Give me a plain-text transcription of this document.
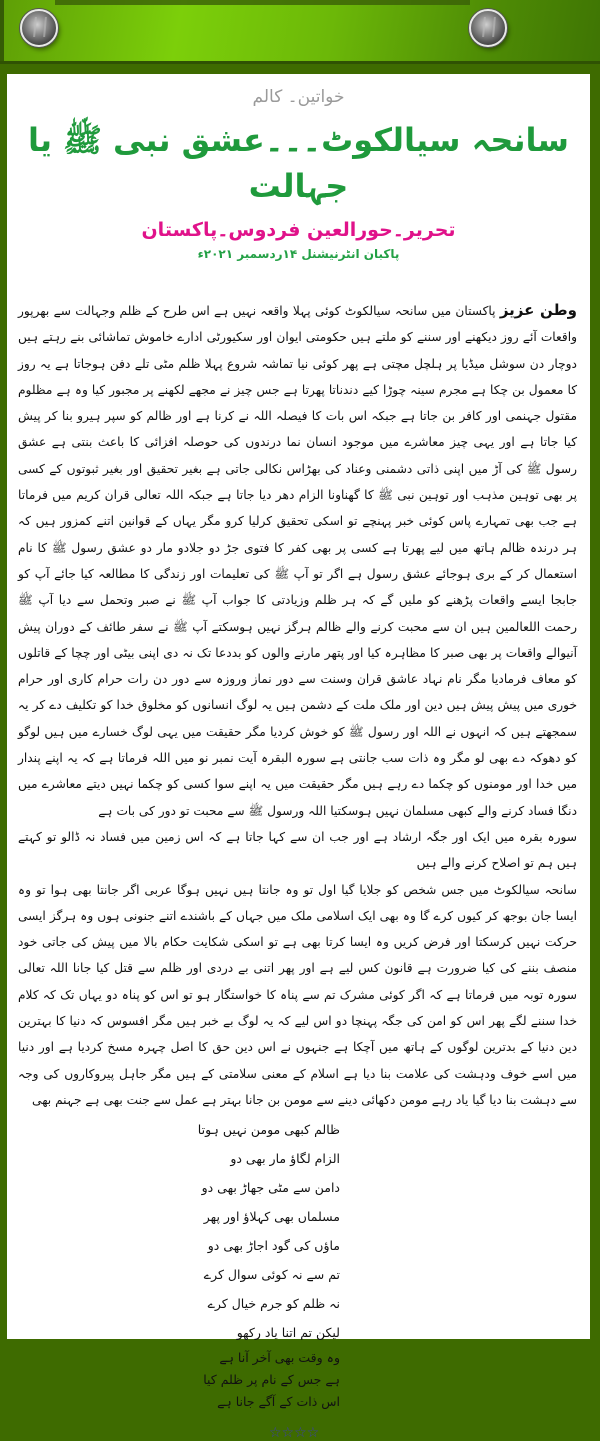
خواتین۔ کالم
سانحہ سیالکوٹ۔۔۔عشق نبی ﷺ یا جہالت
تحریر۔حورالعین فردوس۔پاکستان
پاکبان انٹرنیشنل ۱۴ردسمبر ۲۰۲۱ء

وطن عزیز پاکستان میں سانحہ سیالکوٹ کوئی پہلا واقعہ نہیں ہے اس طرح کے ظلم وجہالت سے بھرپور واقعات آئے روز دیکھنے اور سننے کو ملتے ہیں حکومتی ایوان اور سکیورٹی ادارے خاموش تماشائی بنے رہتے ہیں دوچار دن سوشل میڈیا پر ہلچل مچتی ہے پھر کوئی نیا تماشہ شروع پہلا ظلم مٹی تلے دفن ہوجاتا ہے یہ روز کا معمول بن چکا ہے مجرم سینہ چوڑا کیے دندناتا پھرتا ہے جس چیز نے مجھے لکھنے پر مجبور کیا وہ ہے مظلوم مقتول جہنمی اور کافر بن جاتا ہے جبکہ اس بات کا فیصلہ اللہ نے کرنا ہے اور ظالم کو سپر ہیرو بنا کر پیش کیا جاتا ہے اور یہی چیز معاشرے میں موجود انسان نما درندوں کی حوصلہ افزائی کا باعث بنتی ہے عشق رسول ﷺ کی آڑ میں اپنی ذاتی دشمنی وعناد کی بھڑاس نکالی جاتی ہے بغیر تحقیق اور بغیر ثبوتوں کے کسی پر بھی توہین مذہب اور توہین نبی ﷺ کا گھناونا الزام دھر دیا جاتا ہے جبکہ اللہ تعالی قران کریم میں فرماتا ہے جب بھی تمہارے پاس کوئی خبر پہنچے تو اسکی تحقیق کرلیا کرو مگر یہاں کے قوانین اتنے کمزور ہیں کہ ہر درندہ ظالم ہاتھ میں لیے پھرتا ہے کسی پر بھی کفر کا فتوی جڑ دو جلادو مار دو عشق رسول ﷺ کا نام استعمال کر کے بری ہوجائے عشق رسول ہے اگر تو آپ ﷺ کی تعلیمات اور زندگی کا مطالعہ کیا جائے آپ کو جابجا ایسے واقعات پڑھنے کو ملیں گے کہ ہر ظلم وزیادتی کا جواب آپ ﷺ نے صبر وتحمل سے دیا آپ ﷺ رحمت اللعالمین ہیں ان سے محبت کرنے والے ظالم ہرگز نہیں ہوسکتے آپ ﷺ نے سفر طائف کے دوران پیش آنیوالے واقعات پر بھی صبر کا مظاہرہ کیا اور پتھر مارنے والوں کو بددعا تک نہ دی اپنی بیٹی اور چچا کے قاتلوں کو معاف فرمادیا مگر نام نہاد عاشق قران وسنت سے دور نماز وروزہ سے دور دن رات حرام کاری اور حرام خوری میں پیش پیش ہیں دین اور ملک ملت کے دشمن ہیں یہ لوگ انسانوں کو مخلوق خدا کو تکلیف دے کر یہ سمجھتے ہیں کہ انہوں نے اللہ اور رسول ﷺ کو خوش کردیا مگر حقیقت میں یہی لوگ خسارے میں ہیں لوگو کو دھوکہ دے بھی لو مگر وہ ذات سب جانتی ہے سورہ البقرہ آیت نمبر نو میں اللہ فرماتا ہے کہ یہ اپنے پندار میں خدا اور مومنوں کو چکما دے رہے ہیں مگر حقیقت میں یہ اپنے سوا کسی کو چکما نہیں دیتے معاشرے میں دنگا فساد کرنے والے کبھی مسلمان نہیں ہوسکتیا اللہ ورسول ﷺ سے محبت تو دور کی بات ہے

سورہ بقرہ میں ایک اور جگہ ارشاد ہے اور جب ان سے کہا جاتا ہے کہ اس زمین میں فساد نہ ڈالو تو کہتے ہیں ہم تو اصلاح کرنے والے ہیں

سانحہ سیالکوٹ میں جس شخص کو جلایا گیا اول تو وہ جانتا ہیں نہیں ہوگا عربی اگر جانتا بھی ہوا تو وہ ایسا جان بوجھ کر کیوں کرے گا وہ بھی ایک اسلامی ملک میں جہاں کے باشندے اتنے جنونی ہوں وہ ہرگز ایسی حرکت نہیں کرسکتا اور فرض کریں وہ ایسا کرتا بھی ہے تو اسکی شکایت حکام بالا میں پیش کی جاتی خود منصف بننے کی کیا ضرورت ہے قانون کس لیے ہے اور پھر اتنی بے دردی اور ظلم سے قتل کیا جانا اللہ تعالی سورہ توبہ میں فرماتا ہے کہ اگر کوئی مشرک تم سے پناہ کا خواستگار ہو تو اس کو پناہ دو یہاں تک کہ کلام خدا سننے لگے پھر اس کو امن کی جگہ پہنچا دو اس لیے کہ یہ لوگ بے خبر ہیں مگر افسوس کہ دنیا کا بہترین دین دنیا کے بدترین لوگوں کے ہاتھ میں آچکا ہے جنہوں نے اس دین حق کا اصل چہرہ مسخ کردیا ہے اور دنیا میں اسے خوف ودہشت کی علامت بنا دیا ہے اسلام کے معنی سلامتی کے ہیں مگر جاہل پیروکاروں کی وجہ سے دہشت بنا دیا گیا یاد رہے مومن دکھائی دینے سے مومن بن جانا بہتر ہے عمل سے جنت بھی ہے جہنم بھی

ظالم کبھی مومن نہیں ہوتا
الزام لگاؤ مار بھی دو
دامن سے مٹی جھاڑ بھی دو
مسلماں بھی کہلاؤ اور پھر
ماؤں کی گود اجاڑ بھی دو
تم سے نہ کوئی سوال کرے
نہ ظلم کو جرم خیال کرے
لیکن تم اتنا یاد رکھو
وہ وقت بھی آخر آنا ہے
ہے جس کے نام پر ظلم کیا
اس ذات کے آگے جانا ہے
☆☆☆☆
